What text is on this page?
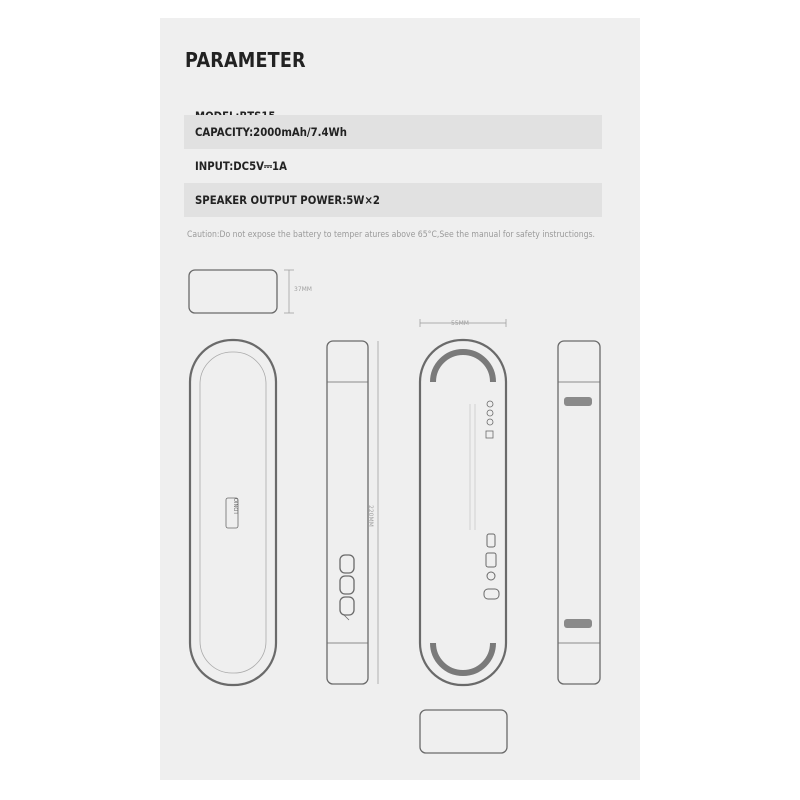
PARAMETER
CAPACITY:2000mAh/7.4Wh
INPUT:DC5V⎓1A
SPEAKER OUTPUT POWER:5W×2
Caution:Do not expose the battery to temper atures above 65°C,See the manual for safety instructiongs.
37MM
55MM
220MM
LDNIO
